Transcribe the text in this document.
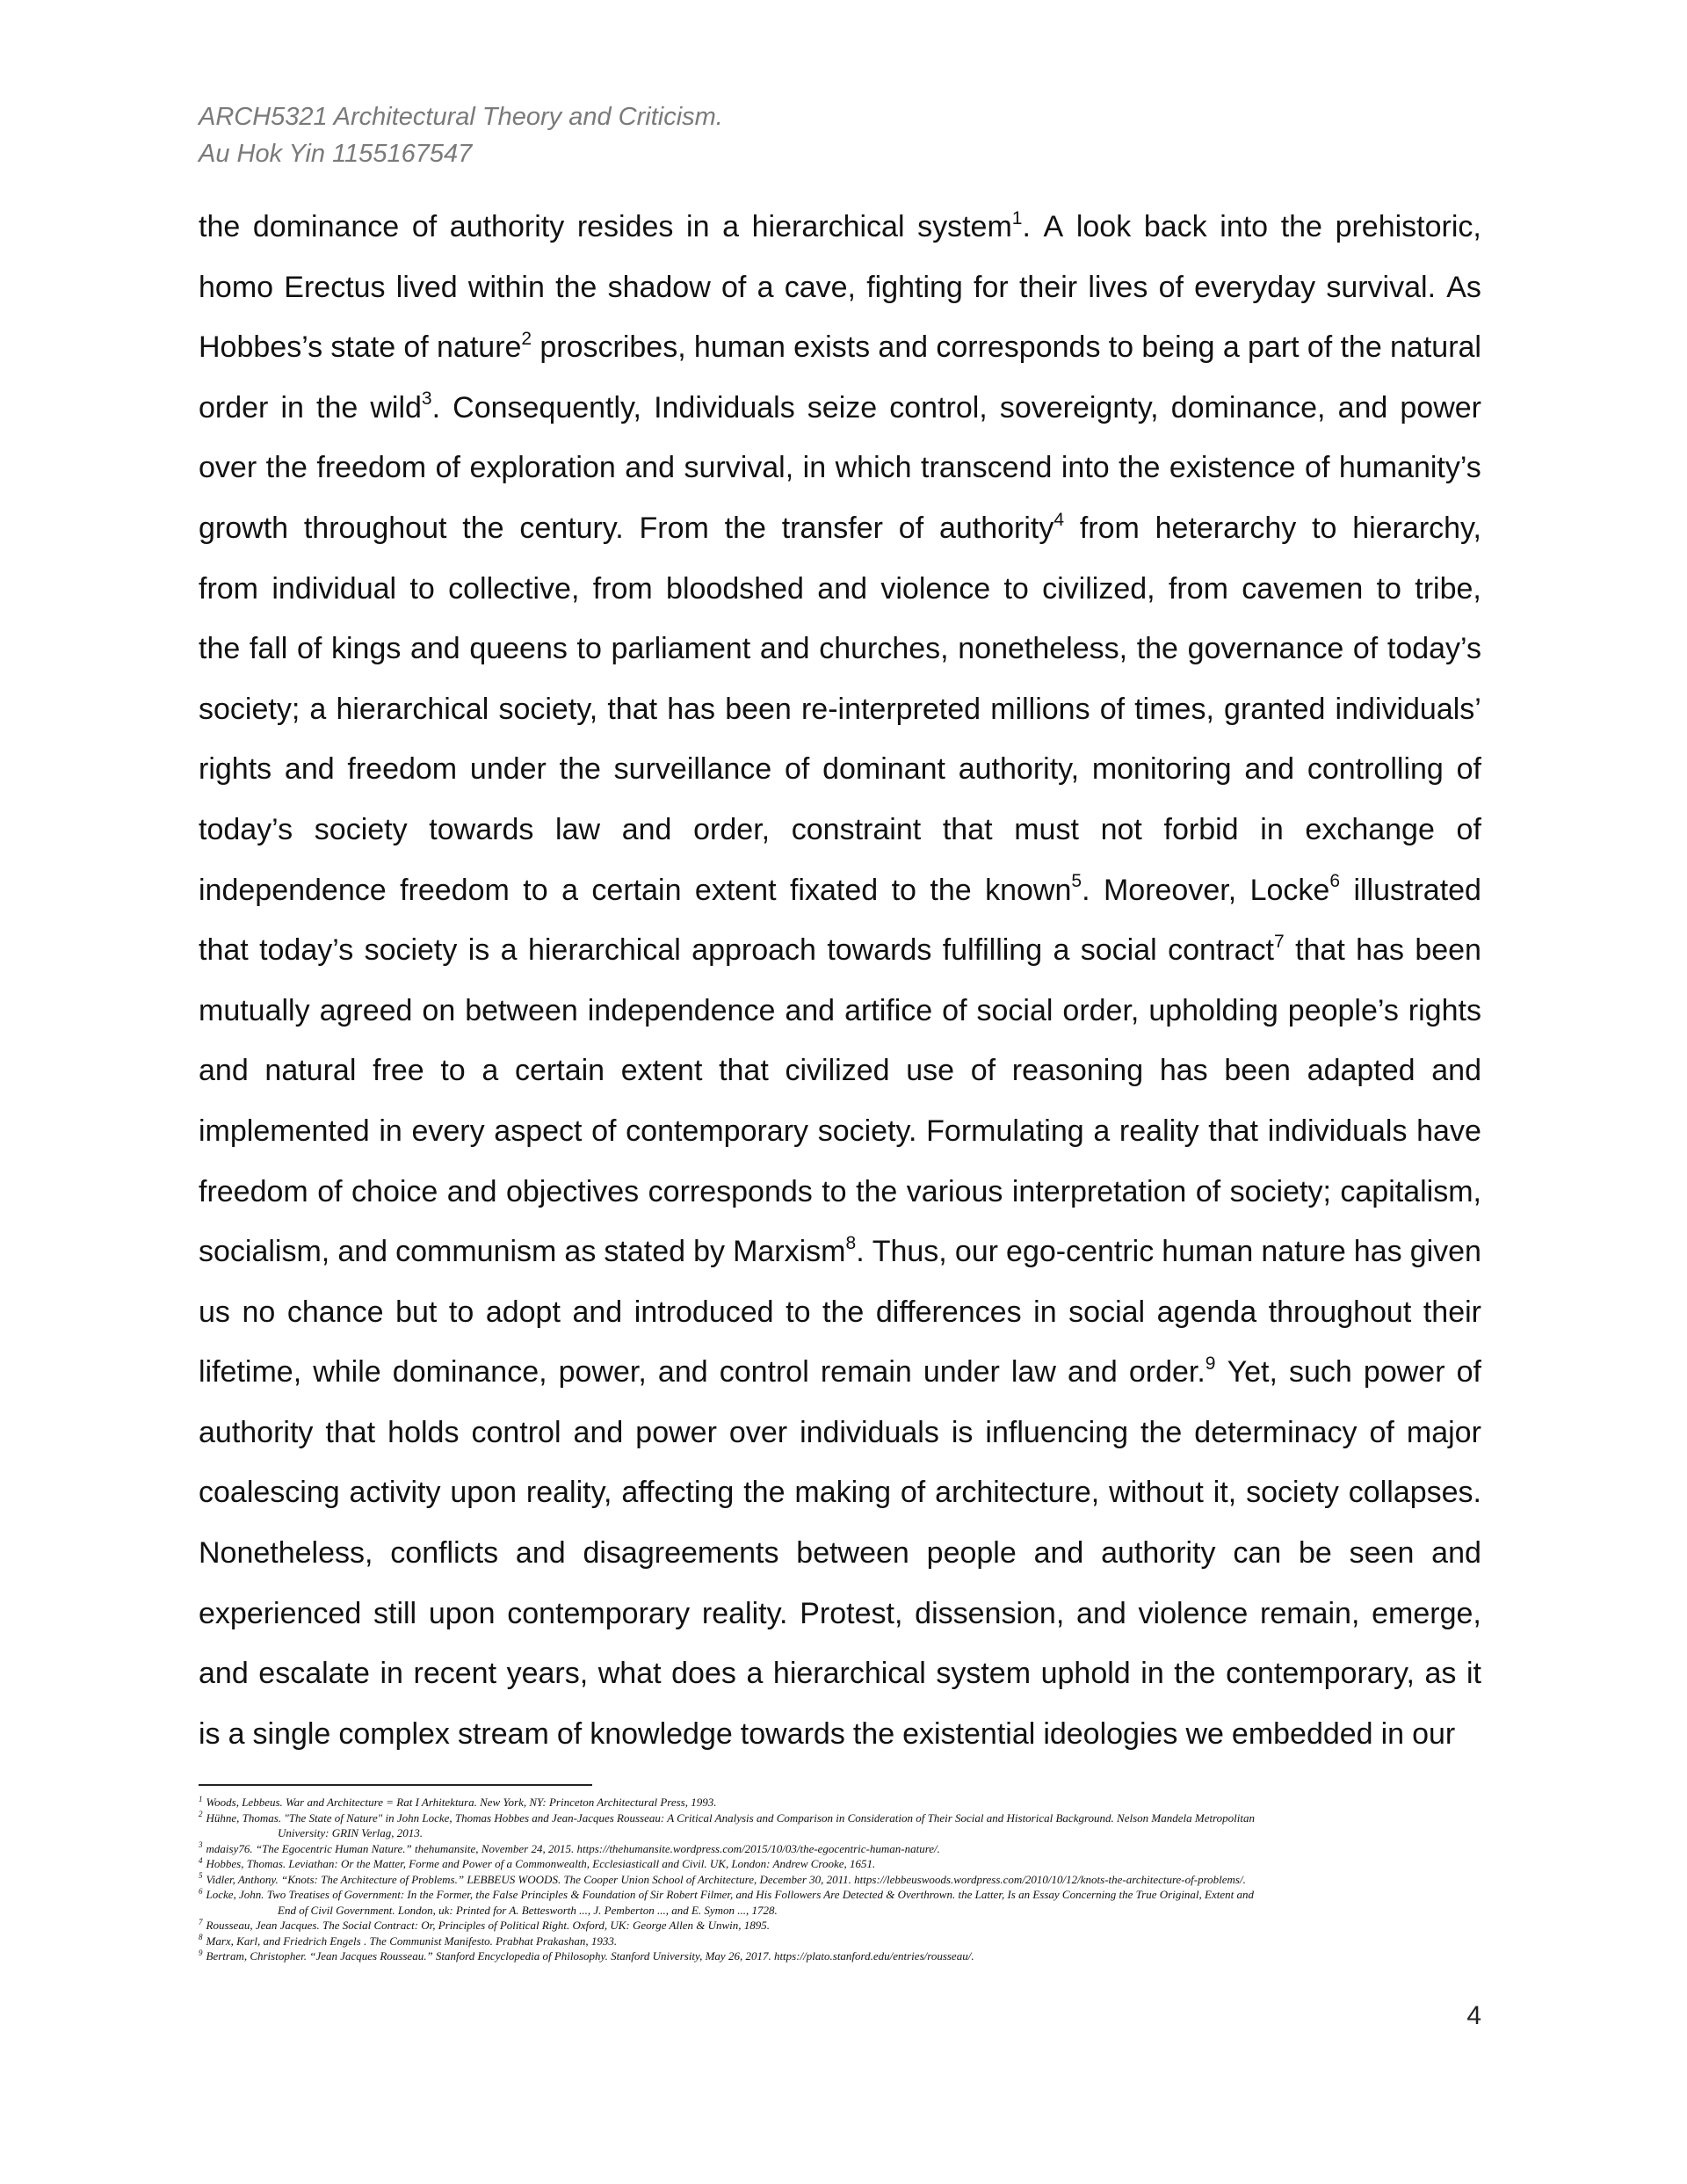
ARCH5321 Architectural Theory and Criticism.
Au Hok Yin 1155167547
the dominance of authority resides in a hierarchical system$^1$. A look back into the prehistoric,
homo Erectus lived within the shadow of a cave, fighting for their lives of everyday survival. As
Hobbes’s state of nature$^2$ proscribes, human exists and corresponds to being a part of the natural
order in the wild$^3$. Consequently, Individuals seize control, sovereignty, dominance, and power
over the freedom of exploration and survival, in which transcend into the existence of humanity’s
growth throughout the century. From the transfer of authority$^4$ from heterarchy to hierarchy,
from individual to collective, from bloodshed and violence to civilized, from cavemen to tribe,
the fall of kings and queens to parliament and churches, nonetheless, the governance of today’s
society; a hierarchical society, that has been re-interpreted millions of times, granted individuals’
rights and freedom under the surveillance of dominant authority, monitoring and controlling of
today’s society towards law and order, constraint that must not forbid in exchange of
independence freedom to a certain extent fixated to the known$^5$. Moreover, Locke$^6$ illustrated
that today’s society is a hierarchical approach towards fulfilling a social contract$^7$ that has been
mutually agreed on between independence and artifice of social order, upholding people’s rights
and natural free to a certain extent that civilized use of reasoning has been adapted and
implemented in every aspect of contemporary society. Formulating a reality that individuals have
freedom of choice and objectives corresponds to the various interpretation of society; capitalism,
socialism, and communism as stated by Marxism$^8$. Thus, our ego-centric human nature has given
us no chance but to adopt and introduced to the differences in social agenda throughout their
lifetime, while dominance, power, and control remain under law and order.$^9$ Yet, such power of
authority that holds control and power over individuals is influencing the determinacy of major
coalescing activity upon reality, affecting the making of architecture, without it, society collapses.
Nonetheless, conflicts and disagreements between people and authority can be seen and
experienced still upon contemporary reality. Protest, dissension, and violence remain, emerge,
and escalate in recent years, what does a hierarchical system uphold in the contemporary, as it
is a single complex stream of knowledge towards the existential ideologies we embedded in our
$^1$ Woods, Lebbeus. War and Architecture = Rat I Arhitektura. New York, NY: Princeton Architectural Press, 1993.
$^2$ Hühne, Thomas. "The State of Nature" in John Locke, Thomas Hobbes and Jean-Jacques Rousseau: A Critical Analysis and Comparison in Consideration of Their Social and Historical Background. Nelson Mandela Metropolitan
University: GRIN Verlag, 2013.
$^3$ mdaisy76. “The Egocentric Human Nature.” thehumansite, November 24, 2015. https://thehumansite.wordpress.com/2015/10/03/the-egocentric-human-nature/.
$^4$ Hobbes, Thomas. Leviathan: Or the Matter, Forme and Power of a Commonwealth, Ecclesiasticall and Civil. UK, London: Andrew Crooke, 1651.
$^5$ Vidler, Anthony. “Knots: The Architecture of Problems.” LEBBEUS WOODS. The Cooper Union School of Architecture, December 30, 2011. https://lebbeuswoods.wordpress.com/2010/10/12/knots-the-architecture-of-problems/.
$^6$ Locke, John. Two Treatises of Government: In the Former, the False Principles & Foundation of Sir Robert Filmer, and His Followers Are Detected & Overthrown. the Latter, Is an Essay Concerning the True Original, Extent and
End of Civil Government. London, uk: Printed for A. Bettesworth ..., J. Pemberton ..., and E. Symon ..., 1728.
$^7$ Rousseau, Jean Jacques. The Social Contract: Or, Principles of Political Right. Oxford, UK: George Allen & Unwin, 1895.
$^8$ Marx, Karl, and Friedrich Engels . The Communist Manifesto. Prabhat Prakashan, 1933.
$^9$ Bertram, Christopher. “Jean Jacques Rousseau.” Stanford Encyclopedia of Philosophy. Stanford University, May 26, 2017. https://plato.stanford.edu/entries/rousseau/.
4
